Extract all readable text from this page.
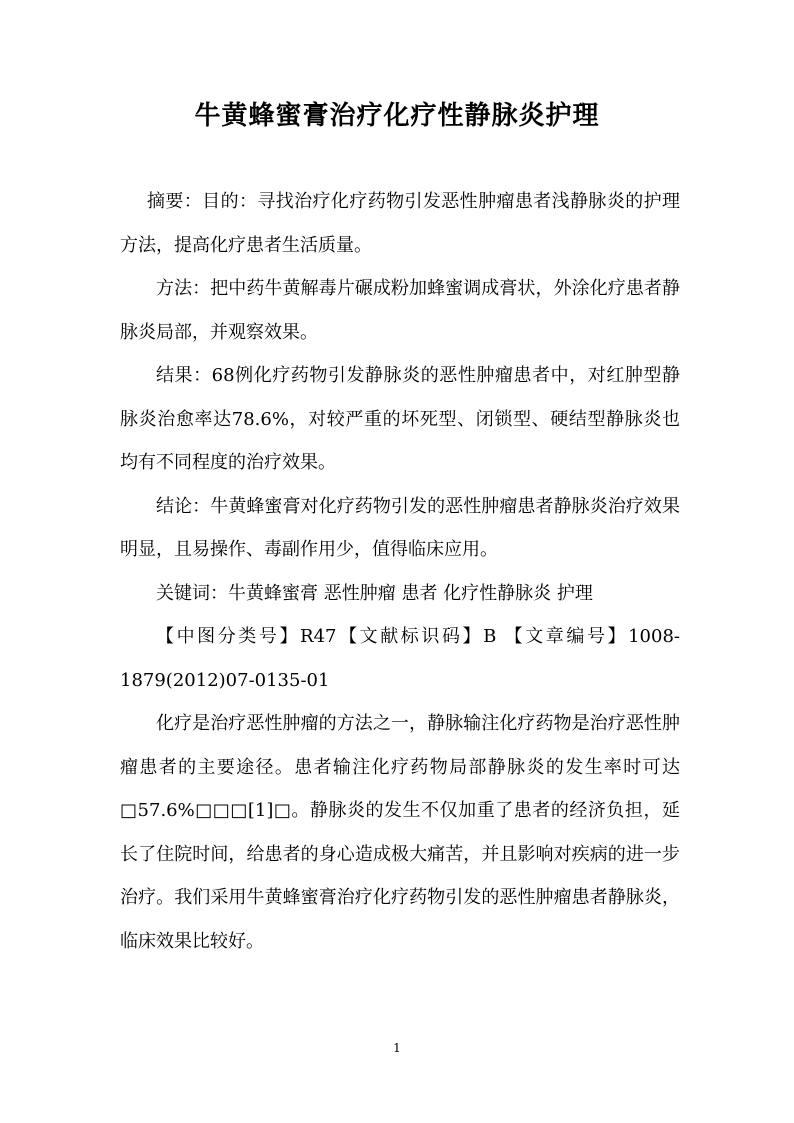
牛黄蜂蜜膏治疗化疗性静脉炎护理

摘要：目的：寻找治疗化疗药物引发恶性肿瘤患者浅静脉炎的护理方法，提高化疗患者生活质量。

方法：把中药牛黄解毒片碾成粉加蜂蜜调成膏状，外涂化疗患者静脉炎局部，并观察效果。

结果：68例化疗药物引发静脉炎的恶性肿瘤患者中，对红肿型静脉炎治愈率达78.6%，对较严重的坏死型、闭锁型、硬结型静脉炎也均有不同程度的治疗效果。

结论：牛黄蜂蜜膏对化疗药物引发的恶性肿瘤患者静脉炎治疗效果明显，且易操作、毒副作用少，值得临床应用。

关键词：牛黄蜂蜜膏 恶性肿瘤 患者 化疗性静脉炎 护理

【中图分类号】R47【文献标识码】B 【文章编号】1008-1879(2012)07-0135-01

化疗是治疗恶性肿瘤的方法之一，静脉输注化疗药物是治疗恶性肿瘤患者的主要途径。患者输注化疗药物局部静脉炎的发生率时可达□57.6%□□□[1]□。静脉炎的发生不仅加重了患者的经济负担，延长了住院时间，给患者的身心造成极大痛苦，并且影响对疾病的进一步治疗。我们采用牛黄蜂蜜膏治疗化疗药物引发的恶性肿瘤患者静脉炎，临床效果比较好。

1
